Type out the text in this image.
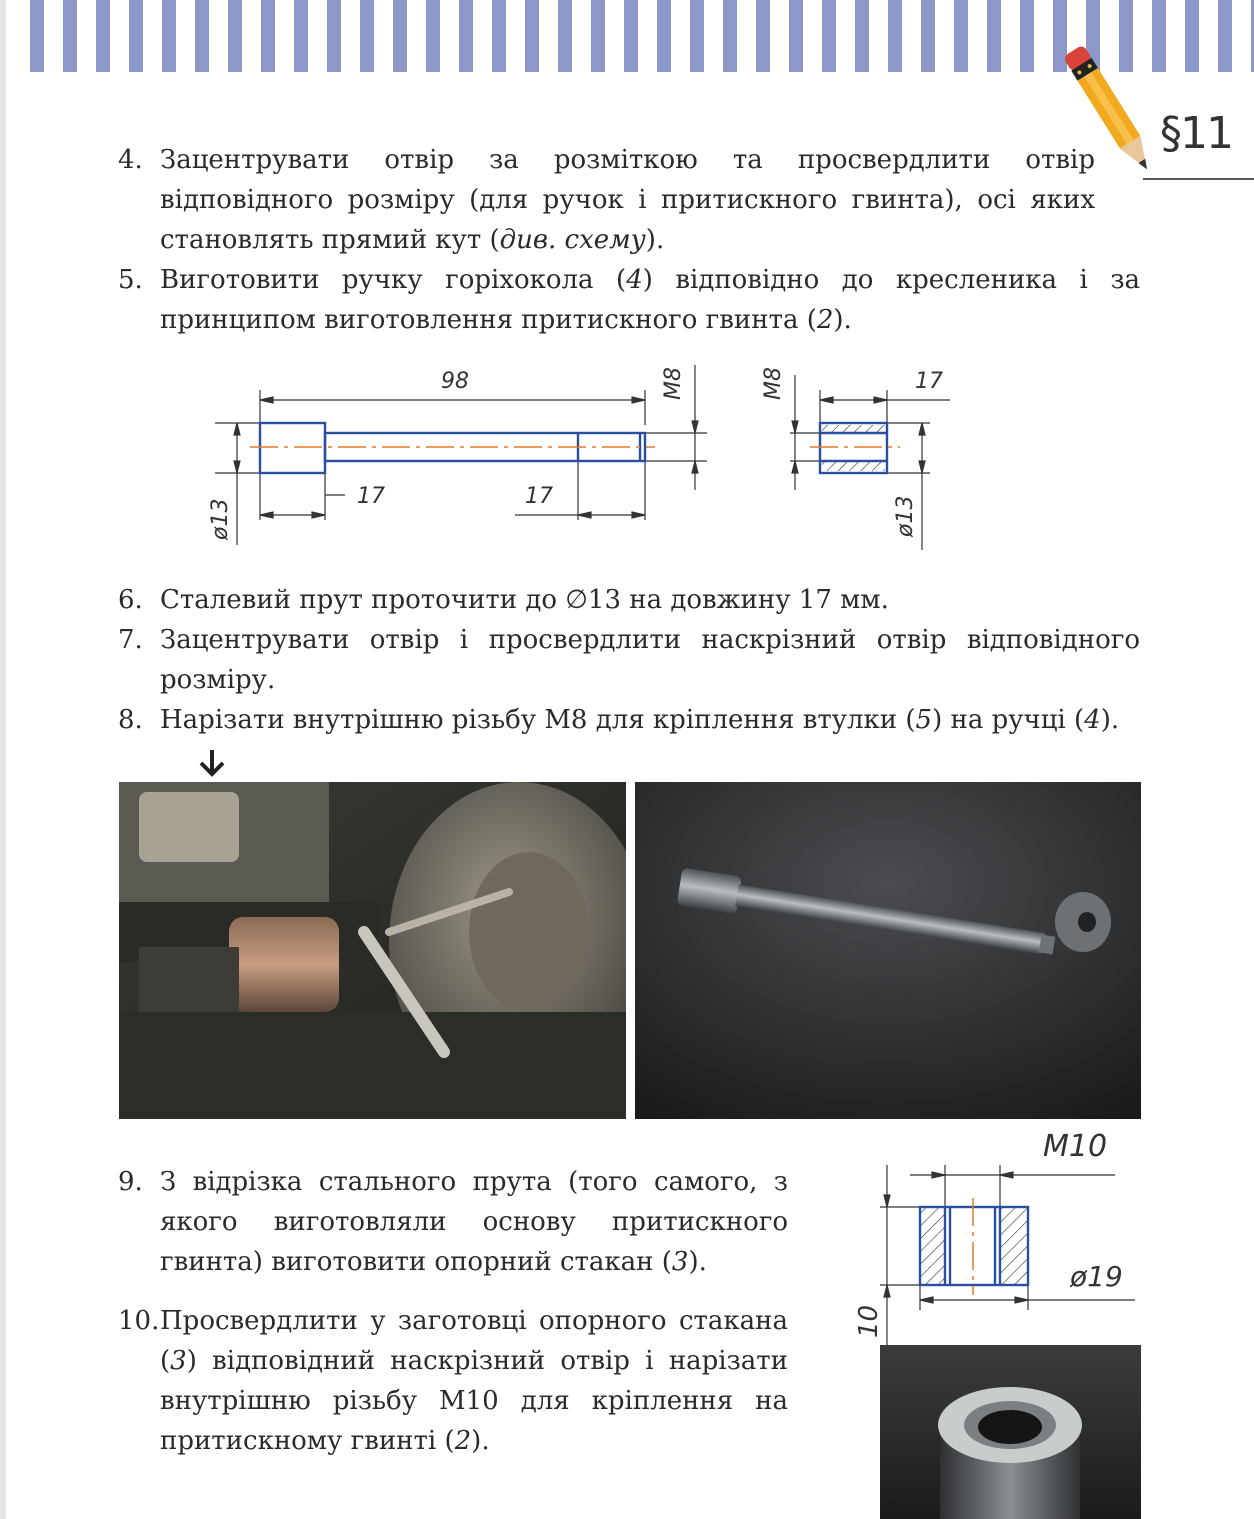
§11
4. Зацентрувати отвір за розміткою та просвердлити отвір відповідного розміру (для ручок і притискного гвинта), осі яких становлять прямий кут (див. схему).
5. Виготовити ручку горіхокола (4) відповідно до кресленика і за принципом виготовлення притискного гвинта (2).
98	M8
17	17
ø13
M8	17
ø13
6. Сталевий прут проточити до ∅13 на довжину 17 мм.
7. Зацентрувати отвір і просвердлити наскрізний отвір відповідного розміру.
8. Нарізати внутрішню різьбу М8 для кріплення втулки (5) на ручці (4).
9. З відрізка стального прута (того самого, з якого виготовляли основу притискного гвинта) виготовити опорний стакан (3).
10. Просвердлити у заготовці опорного стакана (3) відповідний наскрізний отвір і нарізати внутрішню різьбу М10 для кріплення на притискному гвинті (2).
M10
ø19
10
